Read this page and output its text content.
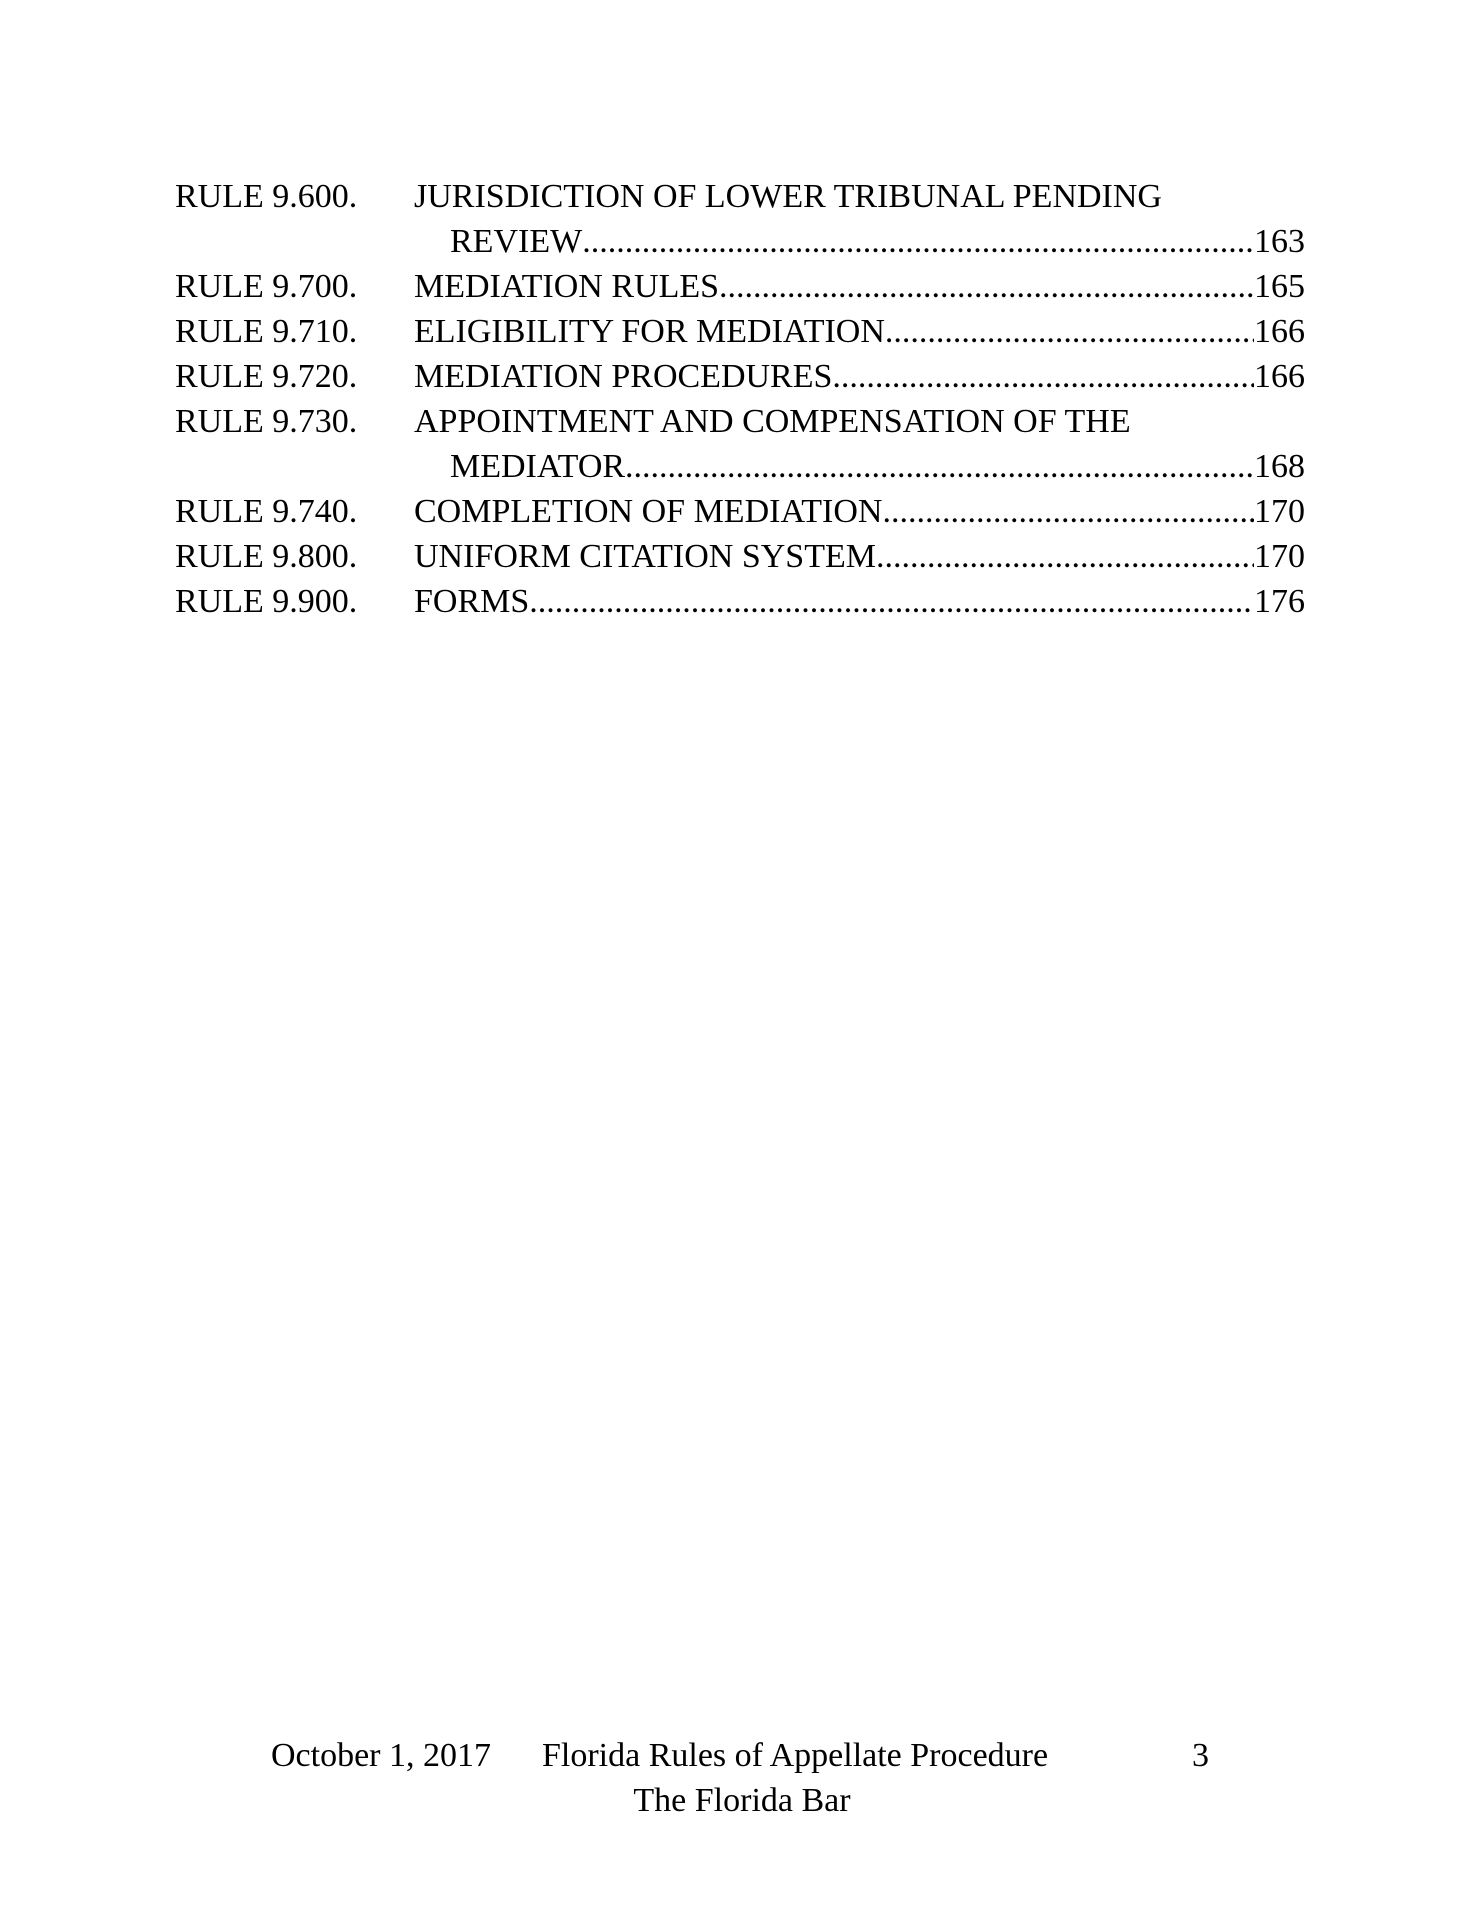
RULE 9.600.	JURISDICTION OF LOWER TRIBUNAL PENDING
REVIEW .....	163
RULE 9.700.	MEDIATION RULES .....	165
RULE 9.710.	ELIGIBILITY FOR MEDIATION .....	166
RULE 9.720.	MEDIATION PROCEDURES .....	166
RULE 9.730.	APPOINTMENT AND COMPENSATION OF THE
MEDIATOR. .....	168
RULE 9.740.	COMPLETION OF MEDIATION .....	170
RULE 9.800.	UNIFORM CITATION SYSTEM .....	170
RULE 9.900.	FORMS .....	176
October 1, 2017 Florida Rules of Appellate Procedure	3
The Florida Bar
